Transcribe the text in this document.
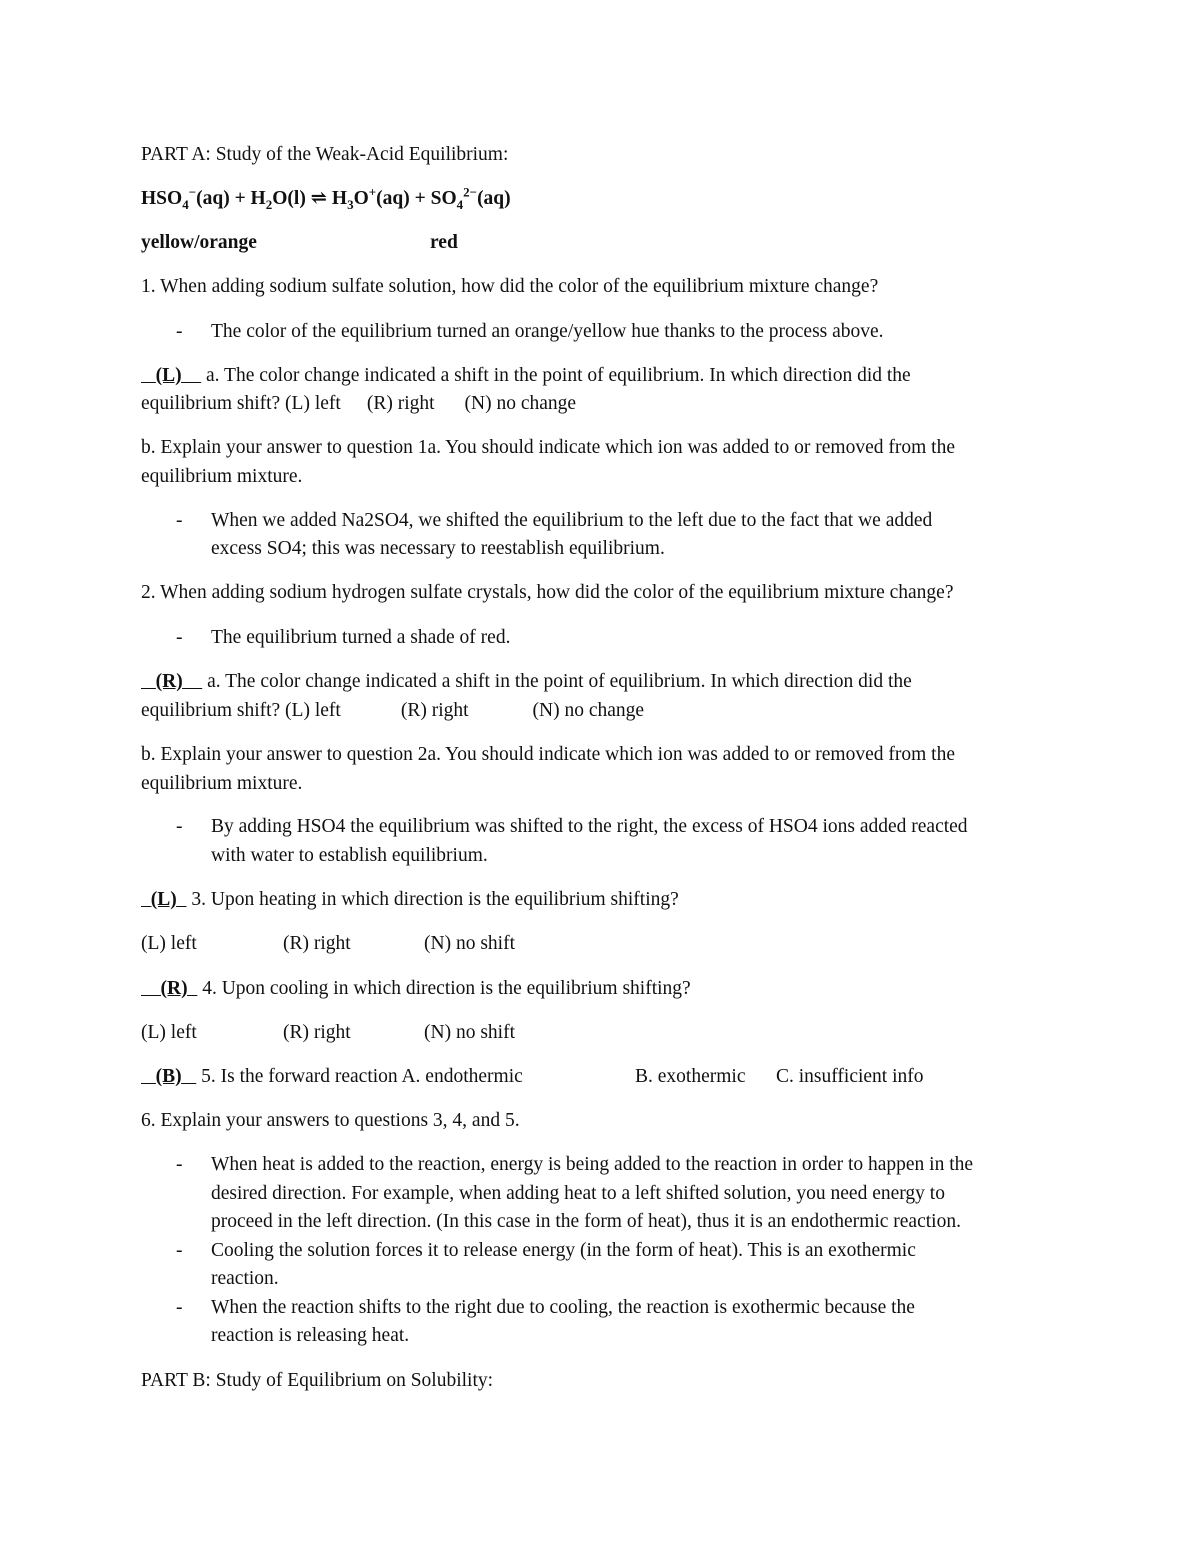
PART A: Study of the Weak-Acid Equilibrium:
$HSO_4^-(aq) + H_2O(l)$ ⇌ $H_3O^+(aq) + SO_4^{2-}(aq)$
yellow/orange	red
1. When adding sodium sulfate solution, how did the color of the equilibrium mixture change?
- The color of the equilibrium turned an orange/yellow hue thanks to the process above.
(L) a. The color change indicated a shift in the point of equilibrium. In which direction did the
equilibrium shift? (L) left (R) right (N) no change
b. Explain your answer to question 1a. You should indicate which ion was added to or removed from the
equilibrium mixture.
- When we added Na2SO4, we shifted the equilibrium to the left due to the fact that we added
excess SO4; this was necessary to reestablish equilibrium.
2. When adding sodium hydrogen sulfate crystals, how did the color of the equilibrium mixture change?
- The equilibrium turned a shade of red.
(R) a. The color change indicated a shift in the point of equilibrium. In which direction did the
equilibrium shift? (L) left	(R) right	(N) no change
b. Explain your answer to question 2a. You should indicate which ion was added to or removed from the
equilibrium mixture.
- By adding HSO4 the equilibrium was shifted to the right, the excess of HSO4 ions added reacted
with water to establish equilibrium.
(L) 3. Upon heating in which direction is the equilibrium shifting?
(L) left	(R) right	(N) no shift
(R) 4. Upon cooling in which direction is the equilibrium shifting?
(L) left	(R) right	(N) no shift
(B) 5. Is the forward reaction A. endothermic	B. exothermic C. insufficient info
6. Explain your answers to questions 3, 4, and 5.
- When heat is added to the reaction, energy is being added to the reaction in order to happen in the
desired direction. For example, when adding heat to a left shifted solution, you need energy to
proceed in the left direction. (In this case in the form of heat), thus it is an endothermic reaction.
- Cooling the solution forces it to release energy (in the form of heat). This is an exothermic
reaction.
- When the reaction shifts to the right due to cooling, the reaction is exothermic because the
reaction is releasing heat.
PART B: Study of Equilibrium on Solubility:
